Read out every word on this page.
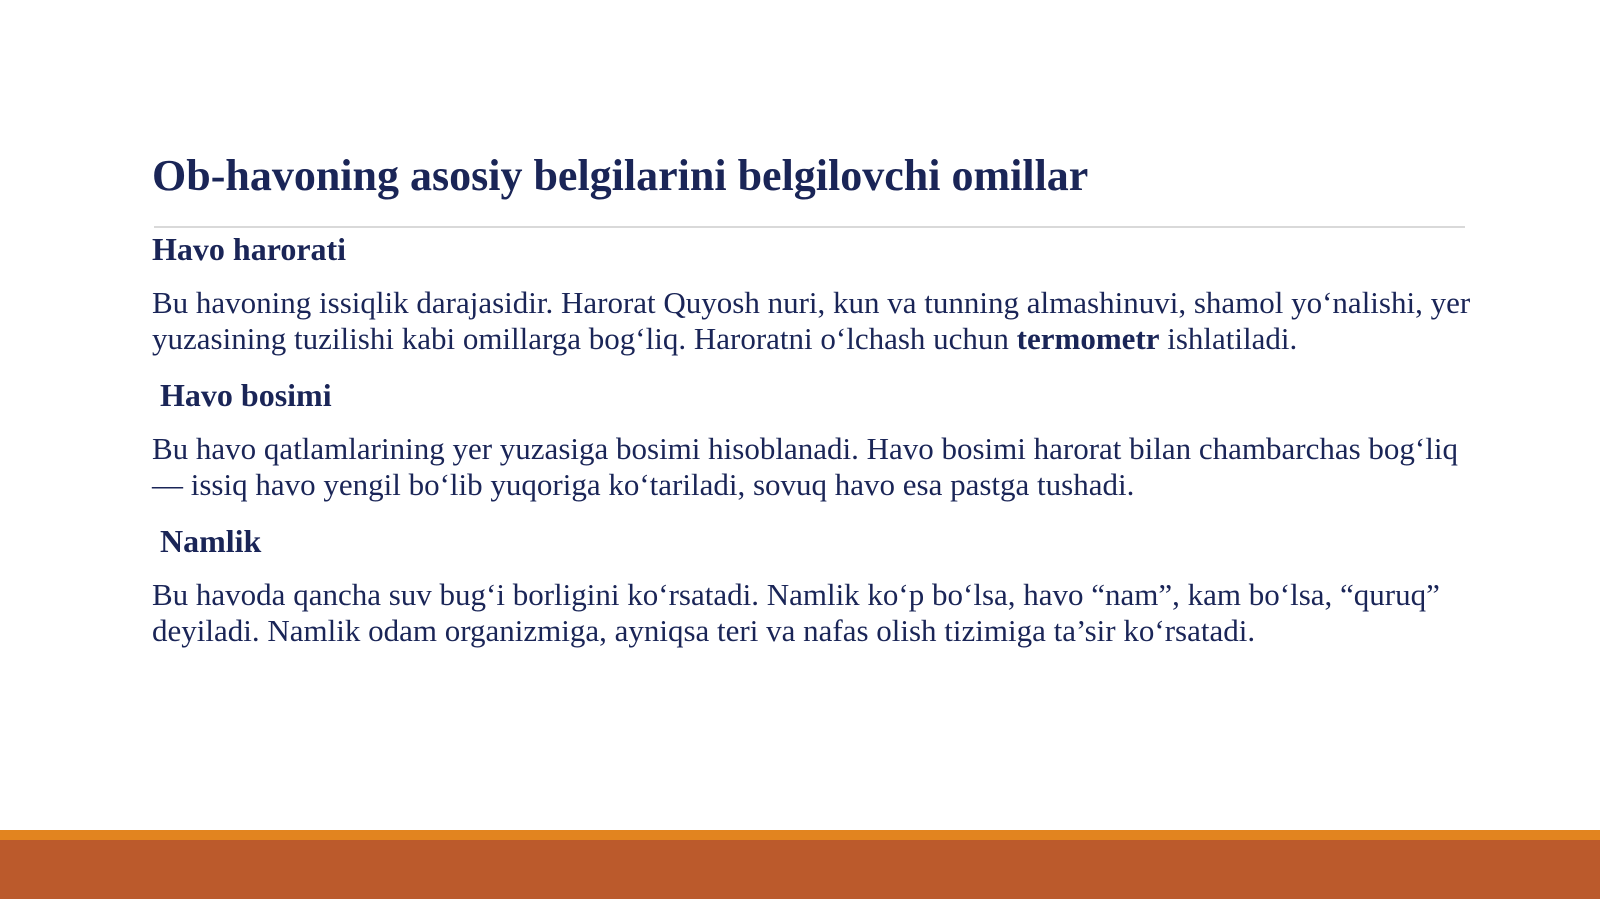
Ob-havoning asosiy belgilarini belgilovchi omillar
Havo harorati

Bu havoning issiqlik darajasidir. Harorat Quyosh nuri, kun va tunning almashinuvi, shamol yo‘nalishi, yer yuzasining tuzilishi kabi omillarga bog‘liq. Haroratni o‘lchash uchun termometr ishlatiladi.

Havo bosimi

Bu havo qatlamlarining yer yuzasiga bosimi hisoblanadi. Havo bosimi harorat bilan chambarchas bog‘liq — issiq havo yengil bo‘lib yuqoriga ko‘tariladi, sovuq havo esa pastga tushadi.

Namlik

Bu havoda qancha suv bug‘i borligini ko‘rsatadi. Namlik ko‘p bo‘lsa, havo “nam”, kam bo‘lsa, “quruq” deyiladi. Namlik odam organizmiga, ayniqsa teri va nafas olish tizimiga ta’sir ko‘rsatadi.
